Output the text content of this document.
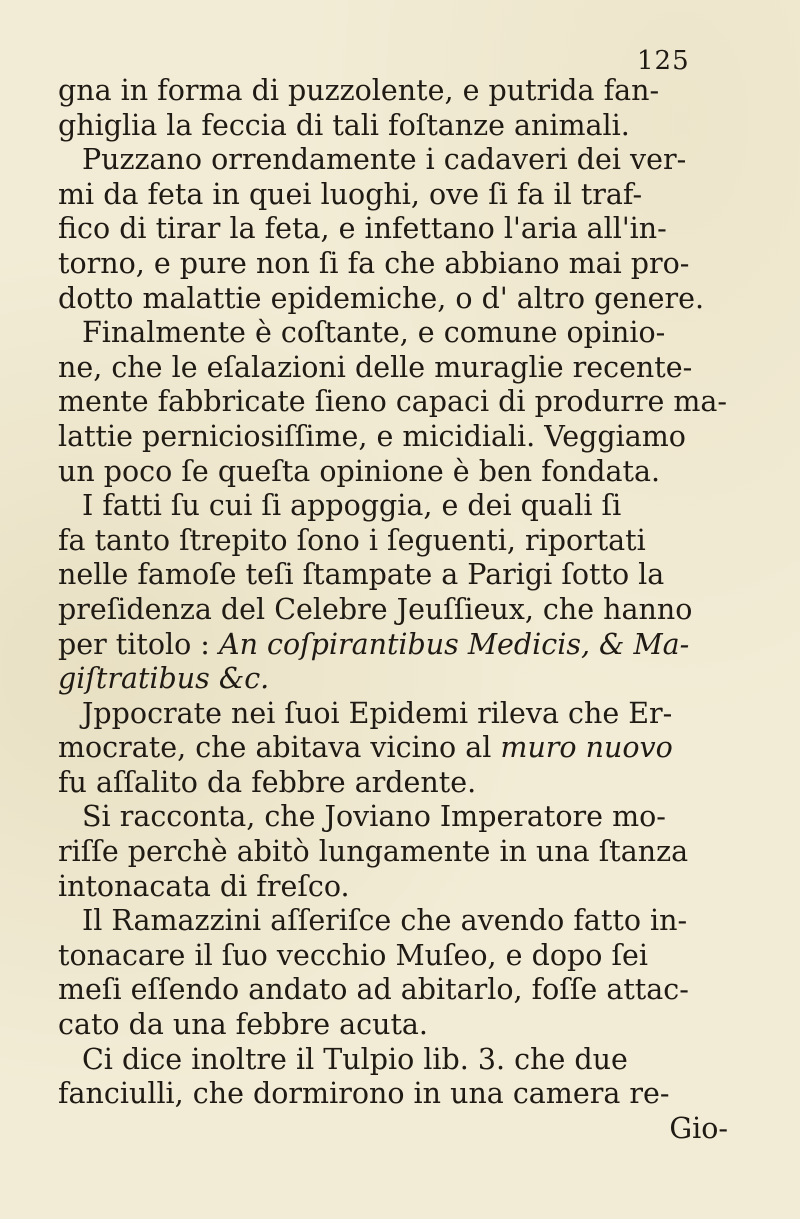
125
gna in forma di puzzolente, e putrida fan-
ghiglia la feccia di tali foſtanze animali.
Puzzano orrendamente i cadaveri dei ver-
mi da feta in quei luoghi, ove ſi fa il traf-
fico di tirar la feta, e infettano l'aria all'in-
torno, e pure non ſi fa che abbiano mai pro-
dotto malattie epidemiche, o d' altro genere.
Finalmente è coſtante, e comune opinio-
ne, che le eſalazioni delle muraglie recente-
mente fabbricate ſieno capaci di produrre ma-
lattie perniciosiſſime, e micidiali. Veggiamo
un poco ſe queſta opinione è ben fondata.
I fatti ſu cui ſi appoggia, e dei quali ſi
fa tanto ſtrepito ſono i ſeguenti, riportati
nelle famoſe teſi ſtampate a Parigi ſotto la
preſidenza del Celebre Jeuſſieux, che hanno
per titolo : An coſpirantibus Medicis, & Ma-
giſtratibus &c.
Jppocrate nei ſuoi Epidemi rileva che Er-
mocrate, che abitava vicino al muro nuovo
fu aſſalito da febbre ardente.
Si racconta, che Joviano Imperatore mo-
riſſe perchè abitò lungamente in una ſtanza
intonacata di freſco.
Il Ramazzini aſſeriſce che avendo fatto in-
tonacare il ſuo vecchio Muſeo, e dopo ſei
meſi eſſendo andato ad abitarlo, foſſe attac-
cato da una febbre acuta.
Ci dice inoltre il Tulpio lib. 3. che due
fanciulli, che dormirono in una camera re-
Gio-
